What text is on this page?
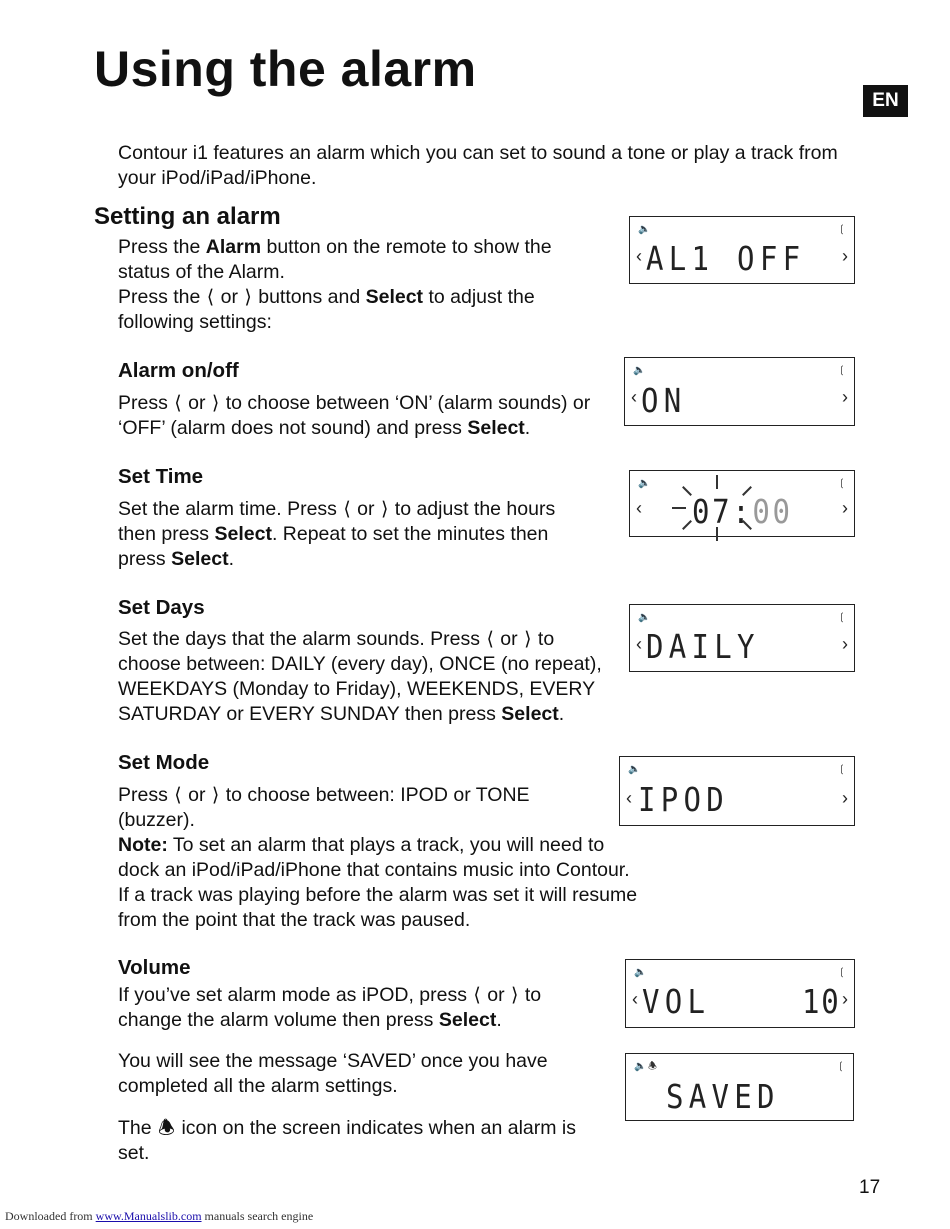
Using the alarm
EN

Contour i1 features an alarm which you can set to sound a tone or play a track from your iPod/iPad/iPhone.

Setting an alarm

Press the Alarm button on the remote to show the status of the Alarm.

Press the ⟨ or ⟩ buttons and Select to adjust the following settings:

Alarm on/off

Press ⟨ or ⟩ to choose between ‘ON’ (alarm sounds) or ‘OFF’ (alarm does not sound) and press Select.

Set Time

Set the alarm time. Press ⟨ or ⟩ to adjust the hours then press Select. Repeat to set the minutes then press Select.

Set Days

Set the days that the alarm sounds. Press ⟨ or ⟩ to choose between: DAILY (every day), ONCE (no repeat), WEEKDAYS (Monday to Friday), WEEKENDS, EVERY SATURDAY or EVERY SUNDAY then press Select.

Set Mode

Press ⟨ or ⟩ to choose between: IPOD or TONE (buzzer).

Note: To set an alarm that plays a track, you will need to dock an iPod/iPad/iPhone that contains music into Contour. If a track was playing before the alarm was set it will resume from the point that the track was paused.

Volume

If you’ve set alarm mode as iPOD, press ⟨ or ⟩ to change the alarm volume then press Select.

You will see the message ‘SAVED’ once you have completed all the alarm settings.

The 🕭 icon on the screen indicates when an alarm is set.

🔈	❲
‹ AL1 OFF ›
🔈	❲
‹ ON	›
🔈	❲
‹ 07:00	›
🔈	❲
‹ DAILY	›
🔈	❲
‹ IPOD	›
🔈	❲
‹ VOL	10 ›
🔈 🕭	❲
SAVED
17
Downloaded from www.Manualslib.com manuals search engine
